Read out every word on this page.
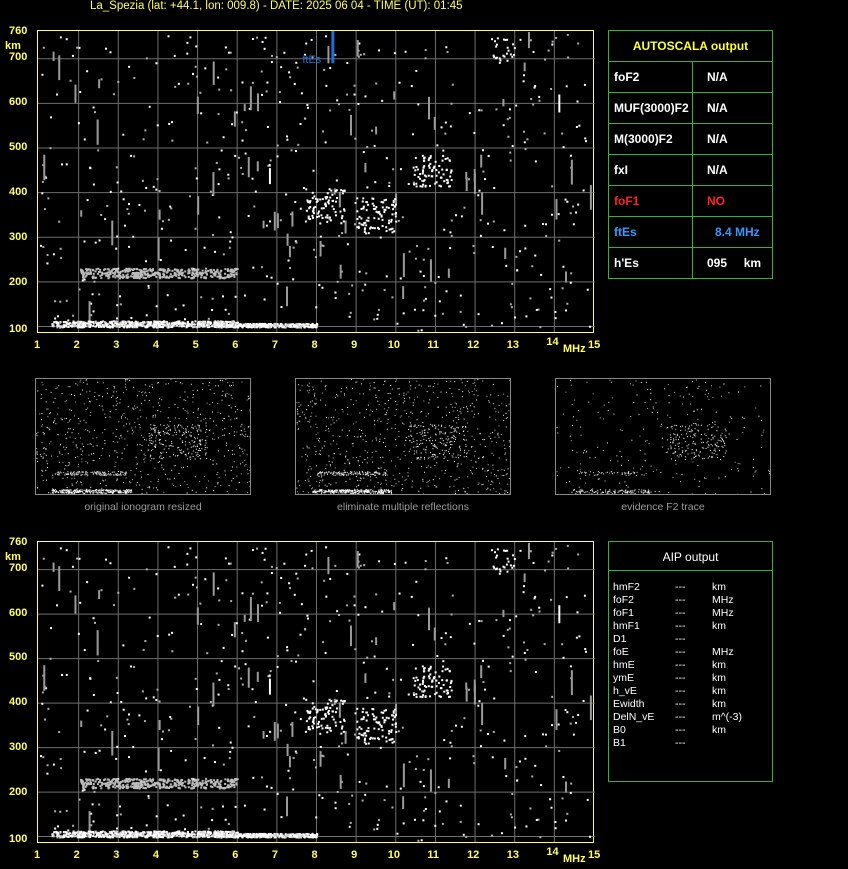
La_Spezia (lat: +44.1, lon: 009.8) - DATE: 2025 06 04 - TIME (UT): 01:45
ftEs
original ionogram resized	eliminate multiple reflections	evidence F2 trace
AUTOSCALA output
foF2	N/A
MUF(3000)F2	N/A
M(3000)F2	N/A
fxI	N/A
foF1	NO
ftEs	8.4 MHz
h'Es	095     km
AIP output
hmF2	---	km
foF2	---	MHz
foF1	---	MHz
hmF1	---	km
D1	---
foE	---	MHz
hmE	---	km
ymE	---	km
h_vE	---	km
Ewidth	---	km
DelN_vE ---	m^(-3)
B0	---	km
B1	---
760
700
600
500
400
300
200
100
km
1	2	3	4	5	6	7	8	9	10 11	12 13 14	15
MHz
760
700
600
500
400
300
200
100
km
1	2	3	4	5	6	7	8	9	10 11	12 13 14	15
MHz
